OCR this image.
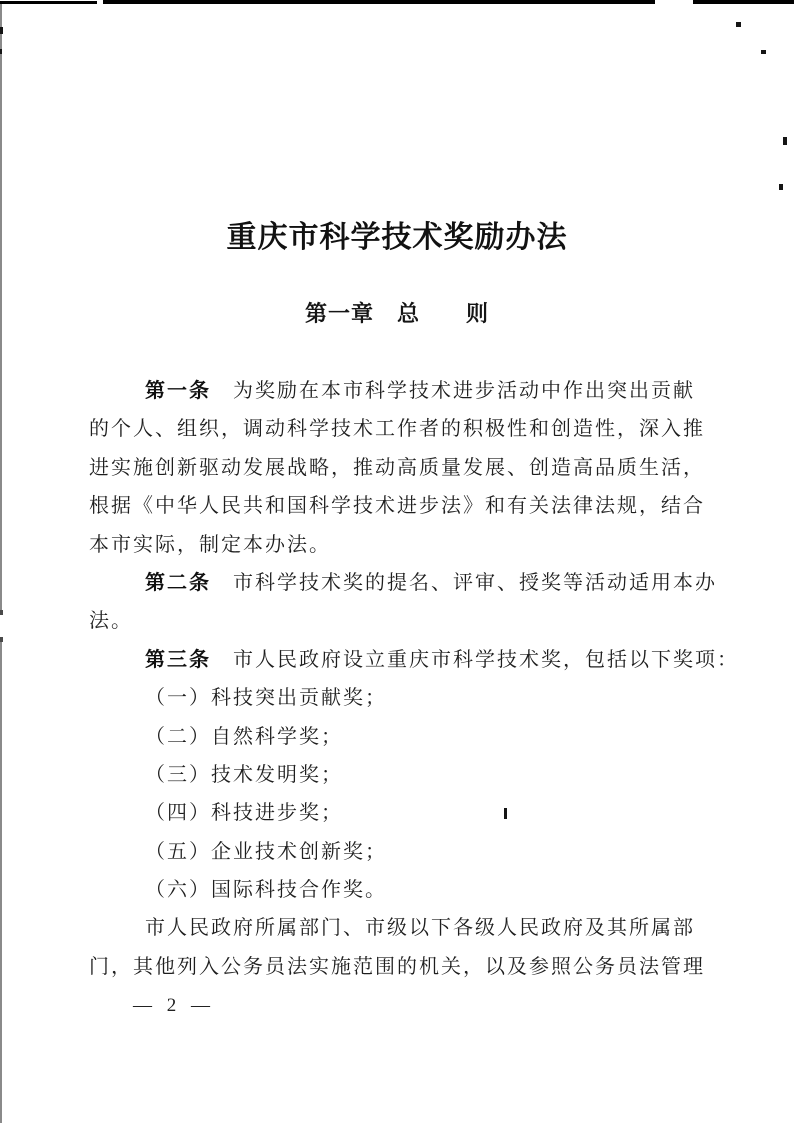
重庆市科学技术奖励办法
第一章　总　　则
第一条 为奖励在本市科学技术进步活动中作出突出贡献
的个人、组织，调动科学技术工作者的积极性和创造性，深入推
进实施创新驱动发展战略，推动高质量发展、创造高品质生活，
根据《中华人民共和国科学技术进步法》和有关法律法规，结合
本市实际，制定本办法。
第二条 市科学技术奖的提名、评审、授奖等活动适用本办
法。
第三条 市人民政府设立重庆市科学技术奖，包括以下奖项：
（一）科技突出贡献奖；
（二）自然科学奖；
（三）技术发明奖；
（四）科技进步奖；
（五）企业技术创新奖；
（六）国际科技合作奖。
市人民政府所属部门、市级以下各级人民政府及其所属部
门，其他列入公务员法实施范围的机关，以及参照公务员法管理
— 2 —
